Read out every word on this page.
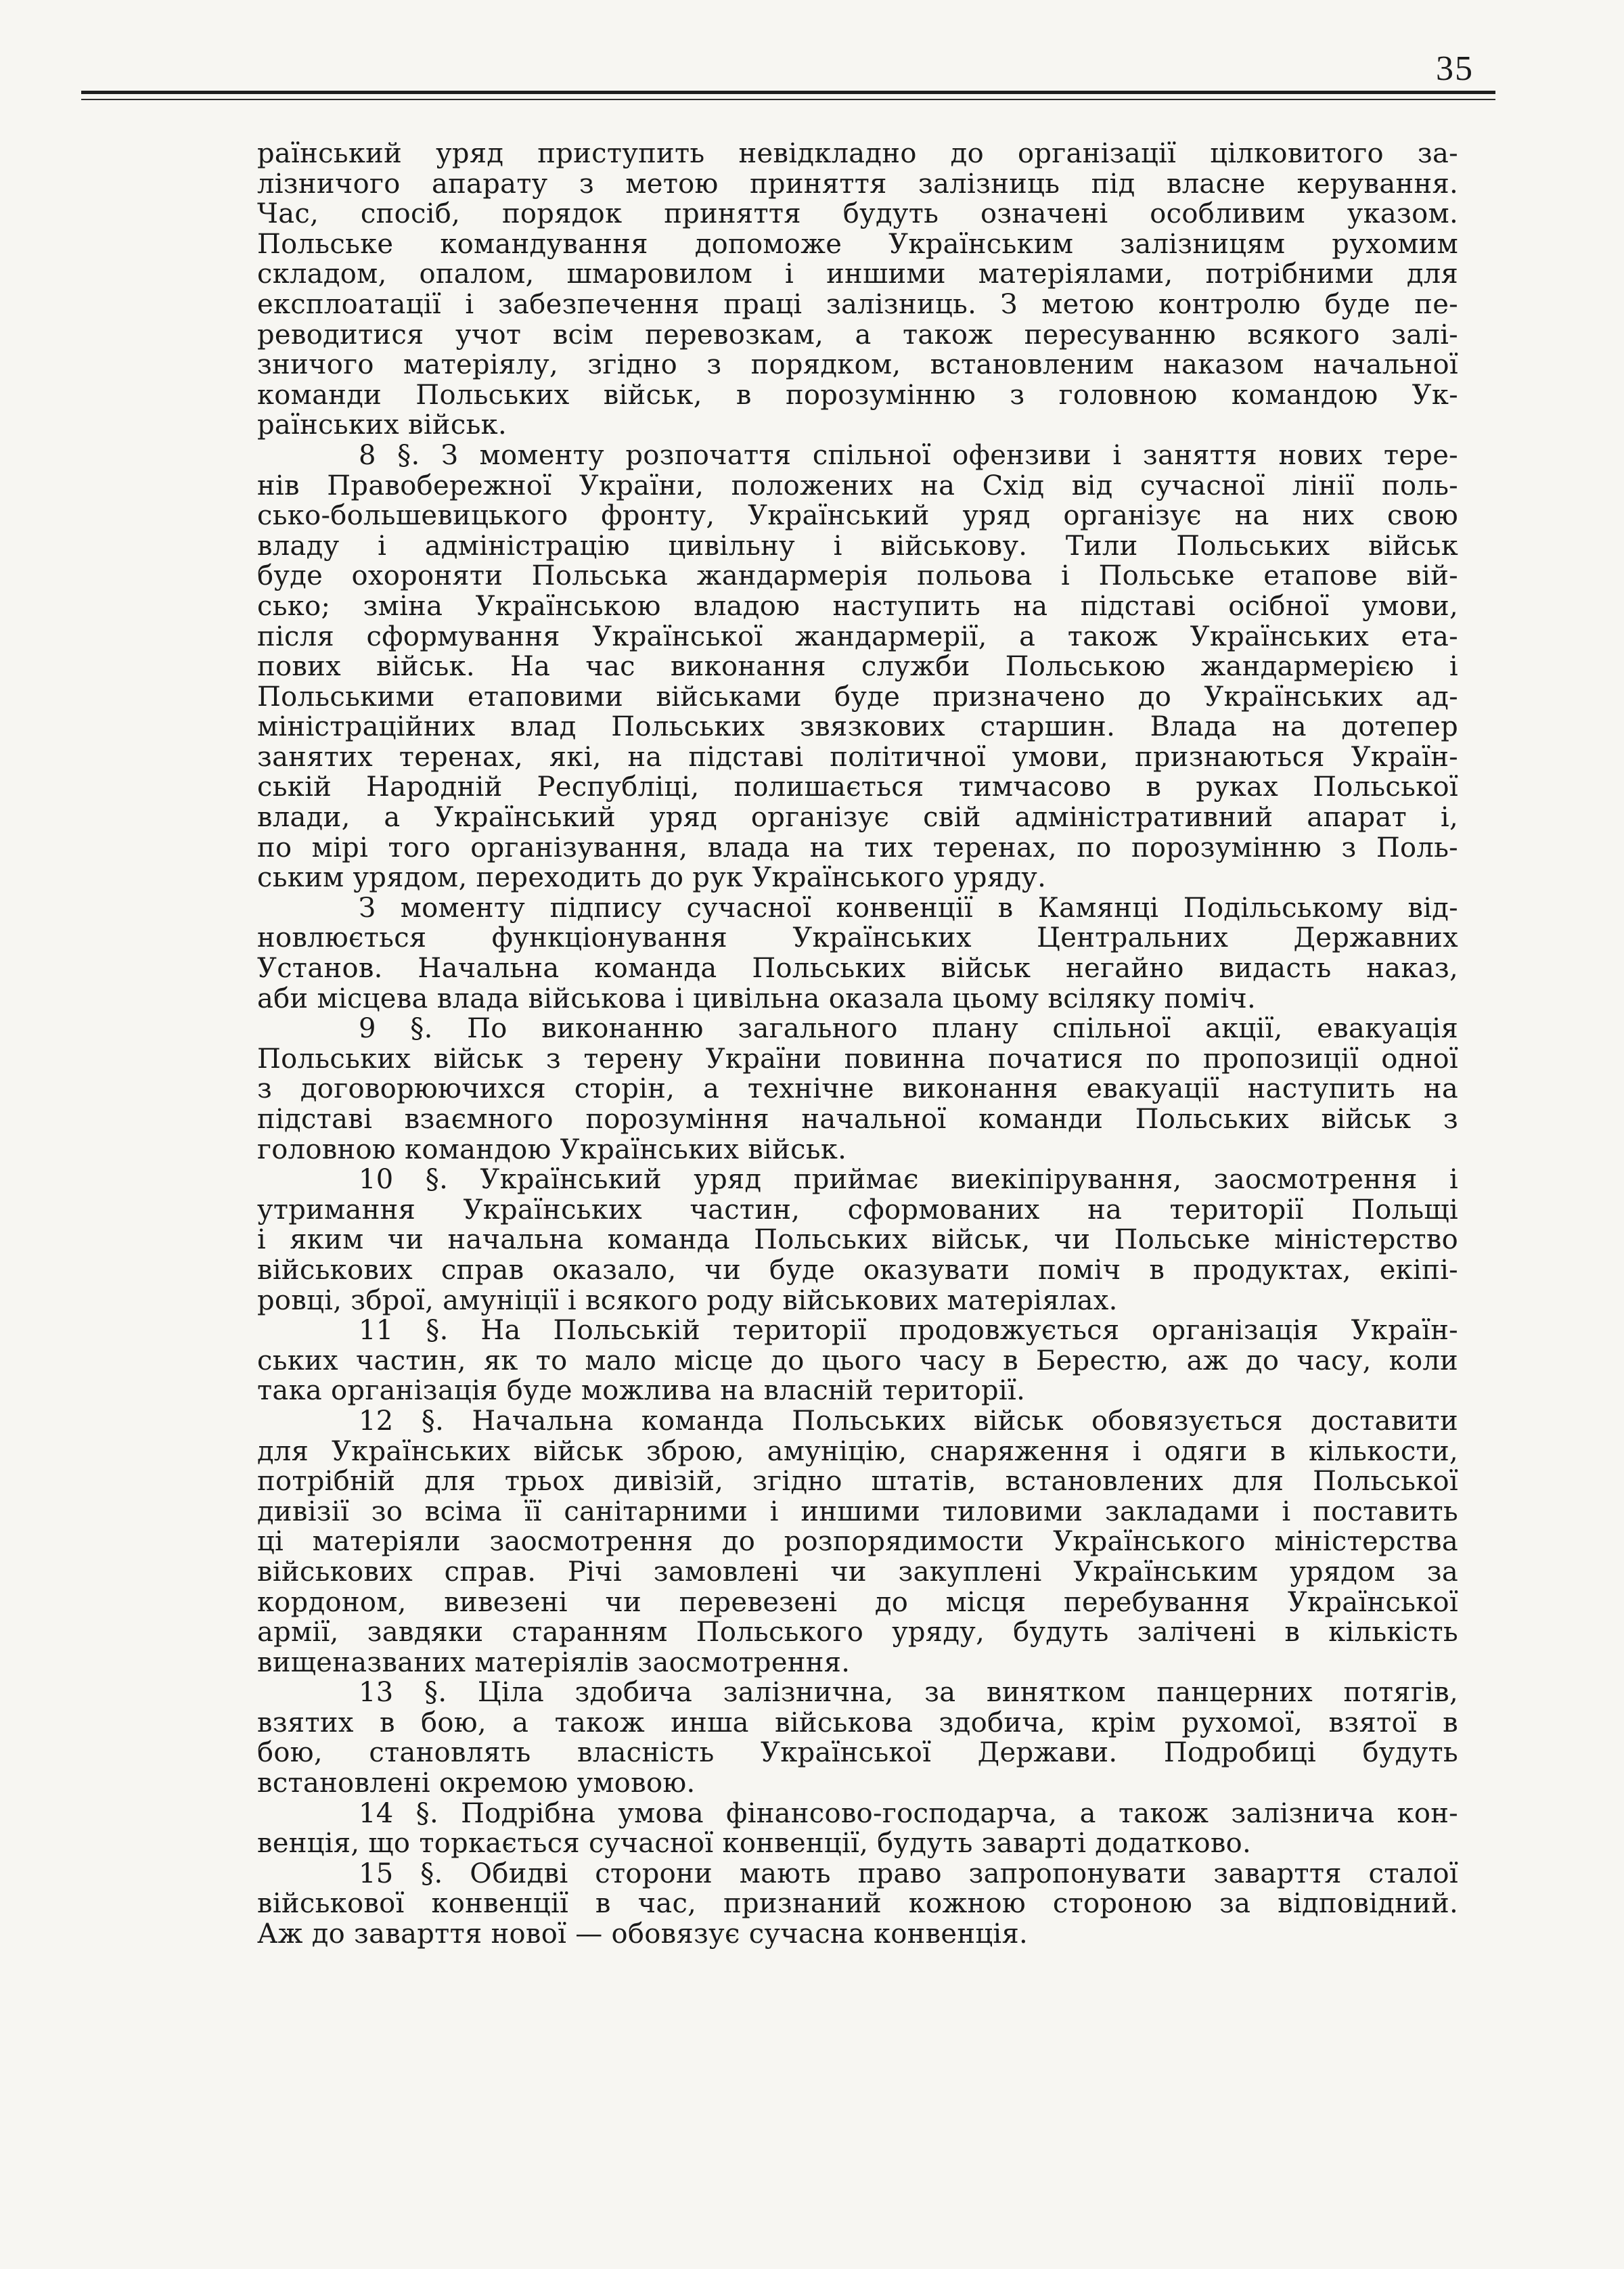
35
раїнський уряд приступить невідкладно до організації цілковитого за-
лізничого апарату з метою приняття залізниць під власне керування.
Час, спосіб, порядок приняття будуть означені особливим указом.
Польське командування допоможе Українським залізницям рухомим
складом, опалом, шмаровилом і иншими матеріялами, потрібними для
експлоатації і забезпечення праці залізниць. З метою контролю буде пе-
реводитися учот всім перевозкам, а також пересуванню всякого залі-
зничого матеріялу, згідно з порядком, встановленим наказом начальної
команди Польських військ, в порозумінню з головною командою Ук-
раїнських військ.
8 §. З моменту розпочаття спільної офензиви і заняття нових тере-
нів Правобережної України, положених на Схід від сучасної лінії поль-
сько-большевицького фронту, Український уряд організує на них свою
владу і адміністрацію цивільну і військову. Тили Польських військ
буде охороняти Польська жандармерія польова і Польське етапове вій-
сько; зміна Українською владою наступить на підставі осібної умови,
після сформування Української жандармерії, а також Українських ета-
пових військ. На час виконання служби Польською жандармерією і
Польськими етаповими військами буде призначено до Українських ад-
міністраційних влад Польських звязкових старшин. Влада на дотепер
занятих теренах, які, на підставі політичної умови, признаються Україн-
ській Народній Республіці, полишається тимчасово в руках Польської
влади, а Український уряд організує свій адміністративний апарат і,
по мірі того організування, влада на тих теренах, по порозумінню з Поль-
ським урядом, переходить до рук Українського уряду.
З моменту підпису сучасної конвенції в Камянці Подільському від-
новлюється функціонування Українських Центральних Державних
Установ. Начальна команда Польських військ негайно видасть наказ,
аби місцева влада військова і цивільна оказала цьому всіляку поміч.
9 §. По виконанню загального плану спільної акції, евакуація
Польських військ з терену України повинна початися по пропозиції одної
з договорюючихся сторін, а технічне виконання евакуації наступить на
підставі взаємного порозуміння начальної команди Польських військ з
головною командою Українських військ.
10 §. Український уряд приймає виекіпірування, заосмотрення і
утримання Українських частин, сформованих на території Польщі
і яким чи начальна команда Польських військ, чи Польське міністерство
військових справ оказало, чи буде оказувати поміч в продуктах, екіпі-
ровці, зброї, амуніції і всякого роду військових матеріялах.
11 §. На Польській території продовжується організація Україн-
ських частин, як то мало місце до цього часу в Берестю, аж до часу, коли
така організація буде можлива на власній території.
12 §. Начальна команда Польських військ обовязується доставити
для Українських військ зброю, амуніцію, снаряження і одяги в кількости,
потрібній для трьох дивізій, згідно штатів, встановлених для Польської
дивізії зо всіма її санітарними і иншими тиловими закладами і поставить
ці матеріяли заосмотрення до розпорядимости Українського міністерства
військових справ. Річі замовлені чи закуплені Українським урядом за
кордоном, вивезені чи перевезені до місця перебування Української
армії, завдяки старанням Польського уряду, будуть залічені в кількість
вищеназваних матеріялів заосмотрення.
13 §. Ціла здобича залізнична, за винятком панцерних потягів,
взятих в бою, а також инша військова здобича, крім рухомої, взятої в
бою, становлять власність Української Держави. Подробиці будуть
встановлені окремою умовою.
14 §. Подрібна умова фінансово-господарча, а також залізнича кон-
венція, що торкається сучасної конвенції, будуть заварті додатково.
15 §. Обидві сторони мають право запропонувати заварття сталої
військової конвенції в час, признаний кожною стороною за відповідний.
Аж до заварття нової — обовязує сучасна конвенція.
